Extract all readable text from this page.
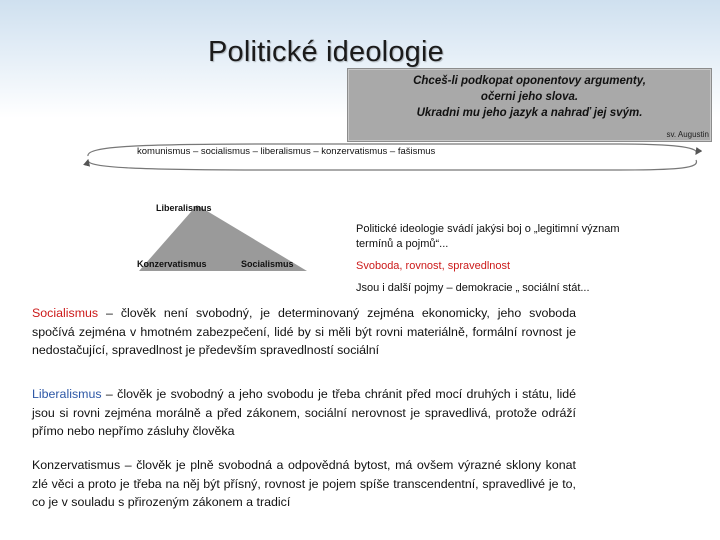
Politické ideologie
Chceš-li podkopat oponentovy argumenty,
očerni jeho slova.
Ukradni mu jeho jazyk a nahraď jej svým.
sv. Augustin
komunismus – socialismus – liberalismus – konzervatismus – fašismus
Liberalismus
Konzervatismus	Socialismus
Politické ideologie svádí jakýsi boj o „legitimní význam
termínů a pojmů“...
Svoboda, rovnost, spravedlnost
Jsou i další pojmy – demokracie „ sociální stát...
Socialismus – člověk není svobodný, je determinovaný zejména ekonomicky, jeho svoboda spočívá zejména v hmotném zabezpečení, lidé by si měli být rovni materiálně, formální rovnost je nedostačující, spravedlnost je především spravedlností sociální
Liberalismus – člověk je svobodný a jeho svobodu je třeba chránit před mocí druhých i státu, lidé jsou si rovni zejména morálně a před zákonem, sociální nerovnost je spravedlivá, protože odráží přímo nebo nepřímo zásluhy člověka
Konzervatismus – člověk je plně svobodná a odpovědná bytost, má ovšem výrazné sklony konat zlé věci a proto je třeba na něj být přísný, rovnost je pojem spíše transcendentní, spravedlivé je to, co je v souladu s přirozeným zákonem a tradicí
